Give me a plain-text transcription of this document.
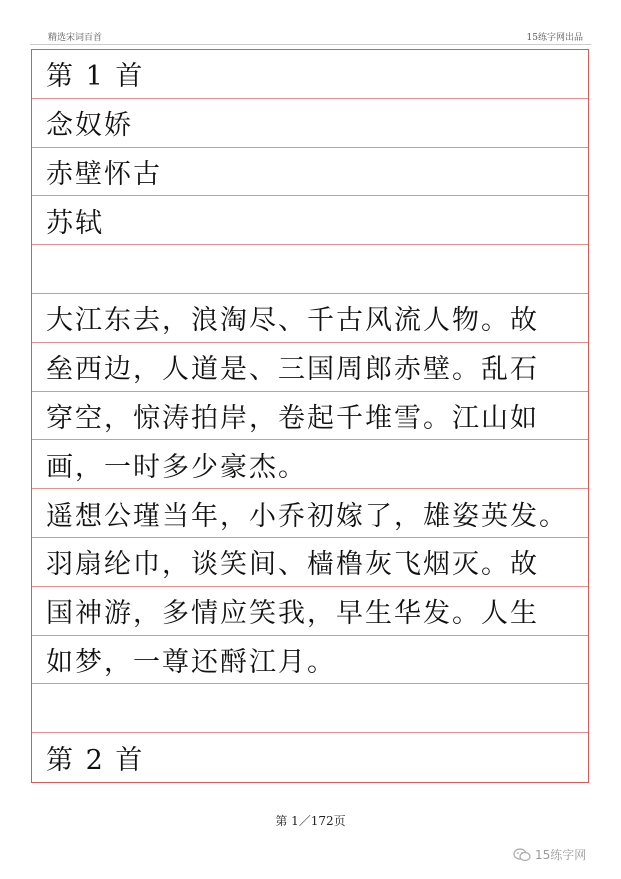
精选宋词百首	15练字网出品
第 1 首
念奴娇
赤壁怀古
苏轼
大江东去，浪淘尽、千古风流人物。故
垒西边，人道是、三国周郎赤壁。乱石
穿空，惊涛拍岸，卷起千堆雪。江山如
画，一时多少豪杰。
遥想公瑾当年，小乔初嫁了，雄姿英发。
羽扇纶巾，谈笑间、樯橹灰飞烟灭。故
国神游，多情应笑我，早生华发。人生
如梦，一尊还酹江月。
第 2 首
第 1／172页
15练字网
